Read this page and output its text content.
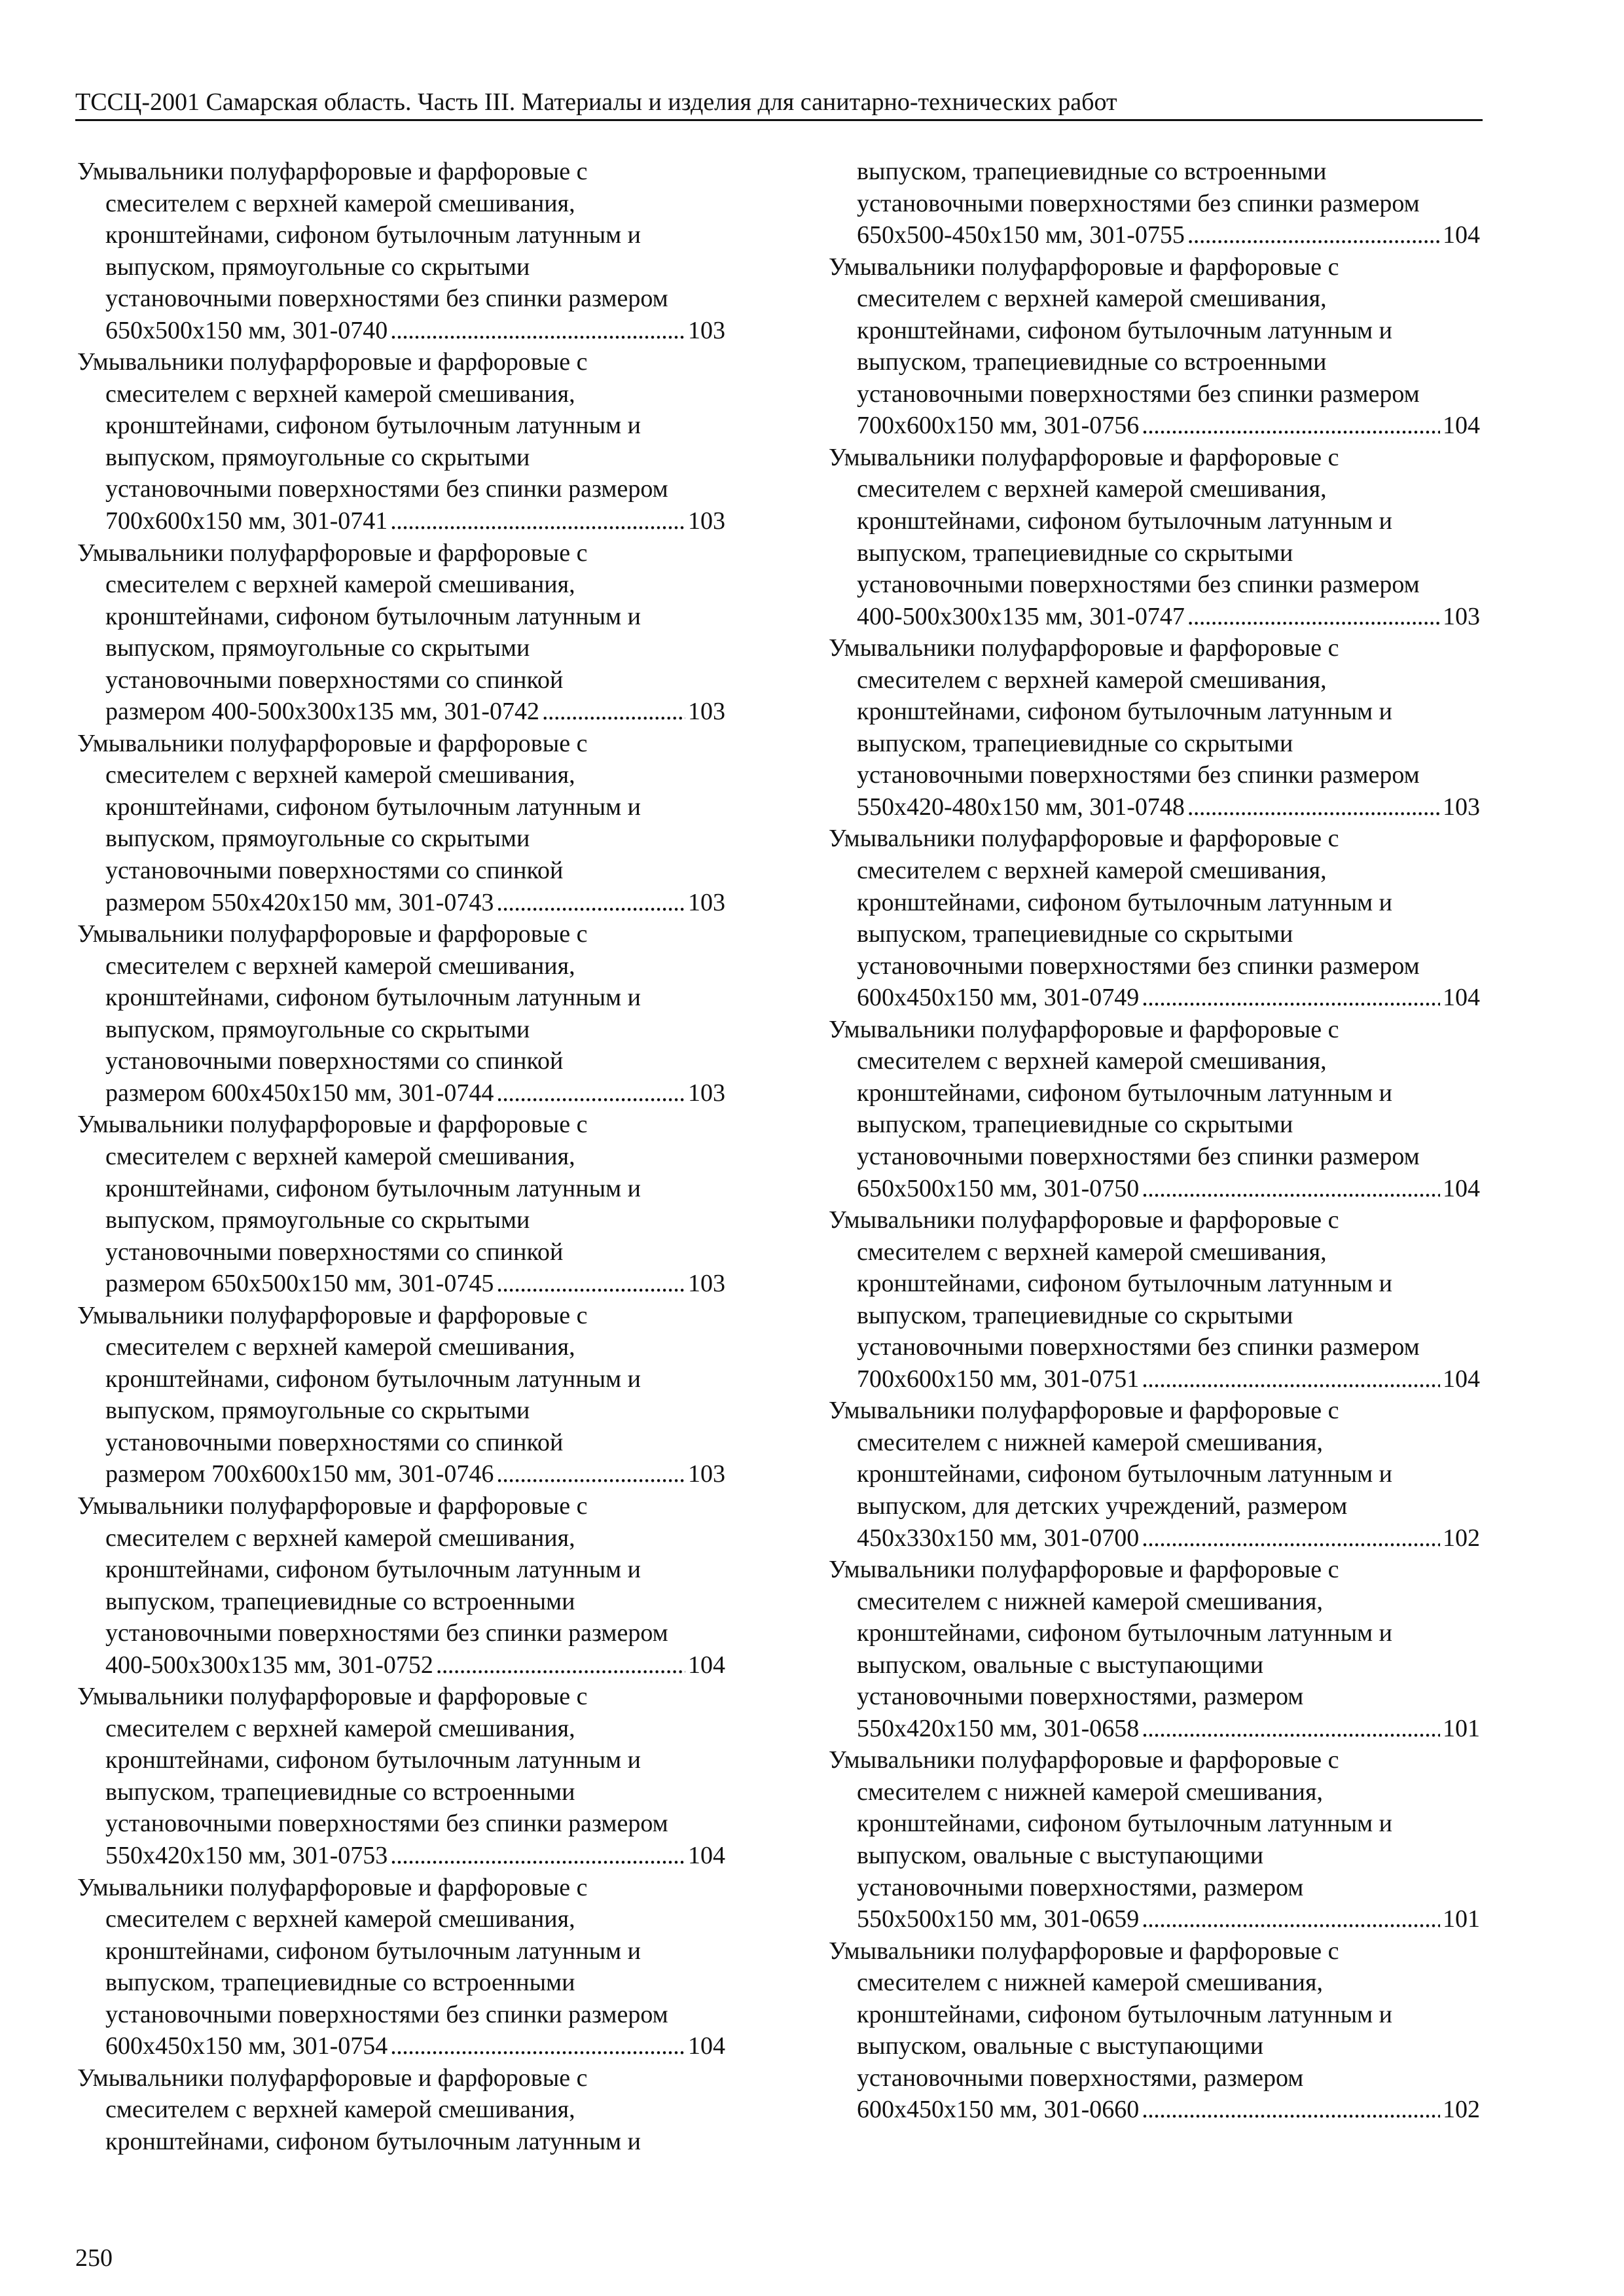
ТССЦ-2001 Самарская область. Часть III. Материалы и изделия для санитарно-технических работ
Умывальники полуфарфоровые и фарфоровые с
смесителем с верхней камерой смешивания,
кронштейнами, сифоном бутылочным латунным и
выпуском, прямоугольные со скрытыми
установочными поверхностями без спинки размером
650х500х150 мм, 301-0740 . . .	103
Умывальники полуфарфоровые и фарфоровые с
смесителем с верхней камерой смешивания,
кронштейнами, сифоном бутылочным латунным и
выпуском, прямоугольные со скрытыми
установочными поверхностями без спинки размером
700х600х150 мм, 301-0741 . . .	103
Умывальники полуфарфоровые и фарфоровые с
смесителем с верхней камерой смешивания,
кронштейнами, сифоном бутылочным латунным и
выпуском, прямоугольные со скрытыми
установочными поверхностями со спинкой
размером 400-500х300х135 мм, 301-0742 . . .	103
Умывальники полуфарфоровые и фарфоровые с
смесителем с верхней камерой смешивания,
кронштейнами, сифоном бутылочным латунным и
выпуском, прямоугольные со скрытыми
установочными поверхностями со спинкой
размером 550х420х150 мм, 301-0743 . . .	103
Умывальники полуфарфоровые и фарфоровые с
смесителем с верхней камерой смешивания,
кронштейнами, сифоном бутылочным латунным и
выпуском, прямоугольные со скрытыми
установочными поверхностями со спинкой
размером 600х450х150 мм, 301-0744 . . .	103
Умывальники полуфарфоровые и фарфоровые с
смесителем с верхней камерой смешивания,
кронштейнами, сифоном бутылочным латунным и
выпуском, прямоугольные со скрытыми
установочными поверхностями со спинкой
размером 650х500х150 мм, 301-0745 . . .	103
Умывальники полуфарфоровые и фарфоровые с
смесителем с верхней камерой смешивания,
кронштейнами, сифоном бутылочным латунным и
выпуском, прямоугольные со скрытыми
установочными поверхностями со спинкой
размером 700х600х150 мм, 301-0746 . . .	103
Умывальники полуфарфоровые и фарфоровые с
смесителем с верхней камерой смешивания,
кронштейнами, сифоном бутылочным латунным и
выпуском, трапециевидные со встроенными
установочными поверхностями без спинки размером
400-500х300х135 мм, 301-0752 . . .	104
Умывальники полуфарфоровые и фарфоровые с
смесителем с верхней камерой смешивания,
кронштейнами, сифоном бутылочным латунным и
выпуском, трапециевидные со встроенными
установочными поверхностями без спинки размером
550х420х150 мм, 301-0753 . . .	104
Умывальники полуфарфоровые и фарфоровые с
смесителем с верхней камерой смешивания,
кронштейнами, сифоном бутылочным латунным и
выпуском, трапециевидные со встроенными
установочными поверхностями без спинки размером
600х450х150 мм, 301-0754 . . .	104
Умывальники полуфарфоровые и фарфоровые с
смесителем с верхней камерой смешивания,
кронштейнами, сифоном бутылочным латунным и
выпуском, трапециевидные со встроенными
установочными поверхностями без спинки размером
650х500-450х150 мм, 301-0755 . . .	104
Умывальники полуфарфоровые и фарфоровые с
смесителем с верхней камерой смешивания,
кронштейнами, сифоном бутылочным латунным и
выпуском, трапециевидные со встроенными
установочными поверхностями без спинки размером
700х600х150 мм, 301-0756 . . .	104
Умывальники полуфарфоровые и фарфоровые с
смесителем с верхней камерой смешивания,
кронштейнами, сифоном бутылочным латунным и
выпуском, трапециевидные со скрытыми
установочными поверхностями без спинки размером
400-500х300х135 мм, 301-0747 . . .	103
Умывальники полуфарфоровые и фарфоровые с
смесителем с верхней камерой смешивания,
кронштейнами, сифоном бутылочным латунным и
выпуском, трапециевидные со скрытыми
установочными поверхностями без спинки размером
550х420-480х150 мм, 301-0748 . . .	103
Умывальники полуфарфоровые и фарфоровые с
смесителем с верхней камерой смешивания,
кронштейнами, сифоном бутылочным латунным и
выпуском, трапециевидные со скрытыми
установочными поверхностями без спинки размером
600х450х150 мм, 301-0749 . . .	104
Умывальники полуфарфоровые и фарфоровые с
смесителем с верхней камерой смешивания,
кронштейнами, сифоном бутылочным латунным и
выпуском, трапециевидные со скрытыми
установочными поверхностями без спинки размером
650х500х150 мм, 301-0750 . . .	104
Умывальники полуфарфоровые и фарфоровые с
смесителем с верхней камерой смешивания,
кронштейнами, сифоном бутылочным латунным и
выпуском, трапециевидные со скрытыми
установочными поверхностями без спинки размером
700х600х150 мм, 301-0751 . . .	104
Умывальники полуфарфоровые и фарфоровые с
смесителем с нижней камерой смешивания,
кронштейнами, сифоном бутылочным латунным и
выпуском, для детских учреждений, размером
450х330х150 мм, 301-0700 . . .	102
Умывальники полуфарфоровые и фарфоровые с
смесителем с нижней камерой смешивания,
кронштейнами, сифоном бутылочным латунным и
выпуском, овальные с выступающими
установочными поверхностями, размером
550х420х150 мм, 301-0658 . . .	101
Умывальники полуфарфоровые и фарфоровые с
смесителем с нижней камерой смешивания,
кронштейнами, сифоном бутылочным латунным и
выпуском, овальные с выступающими
установочными поверхностями, размером
550х500х150 мм, 301-0659 . . .	101
Умывальники полуфарфоровые и фарфоровые с
смесителем с нижней камерой смешивания,
кронштейнами, сифоном бутылочным латунным и
выпуском, овальные с выступающими
установочными поверхностями, размером
600х450х150 мм, 301-0660 . . .	102
250
